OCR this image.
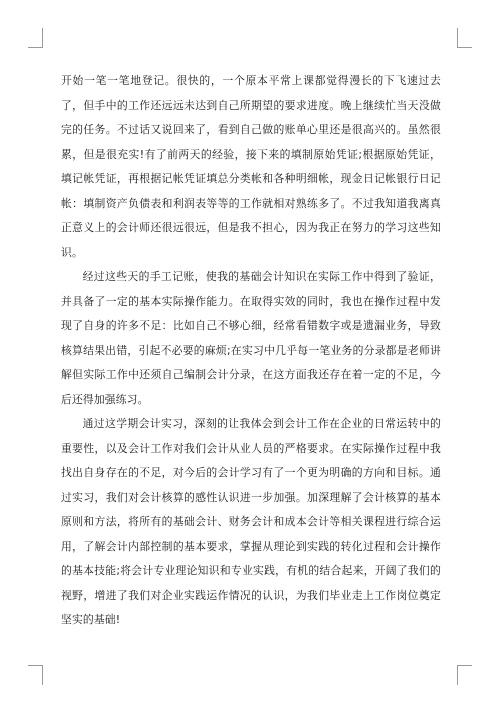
开始一笔一笔地登记。很快的，一个原本平常上课都觉得漫长的下飞速过去了，但手中的工作还远远未达到自己所期望的要求进度。晚上继续忙当天没做完的任务。不过话又说回来了，看到自己做的账单心里还是很高兴的。虽然很累，但是很充实!有了前两天的经验，接下来的填制原始凭证;根据原始凭证，填记帐凭证，再根据记帐凭证填总分类帐和各种明细帐，现金日记帐银行日记帐：填制资产负债表和利润表等等的工作就相对熟练多了。不过我知道我离真正意义上的会计师还很远很远，但是我不担心，因为我正在努力的学习这些知识。

经过这些天的手工记账，使我的基础会计知识在实际工作中得到了验证，并具备了一定的基本实际操作能力。在取得实效的同时，我也在操作过程中发现了自身的许多不足：比如自己不够心细，经常看错数字或是遗漏业务，导致核算结果出错，引起不必要的麻烦;在实习中几乎每一笔业务的分录都是老师讲解但实际工作中还须自己编制会计分录，在这方面我还存在着一定的不足，今后还得加强练习。

通过这学期会计实习，深刻的让我体会到会计工作在企业的日常运转中的重要性，以及会计工作对我们会计从业人员的严格要求。在实际操作过程中我找出自身存在的不足，对今后的会计学习有了一个更为明确的方向和目标。通过实习，我们对会计核算的感性认识进一步加强。加深理解了会计核算的基本原则和方法，将所有的基础会计、财务会计和成本会计等相关课程进行综合运用，了解会计内部控制的基本要求，掌握从理论到实践的转化过程和会计操作的基本技能;将会计专业理论知识和专业实践，有机的结合起来，开阔了我们的视野，增进了我们对企业实践运作情况的认识，为我们毕业走上工作岗位奠定坚实的基础!
